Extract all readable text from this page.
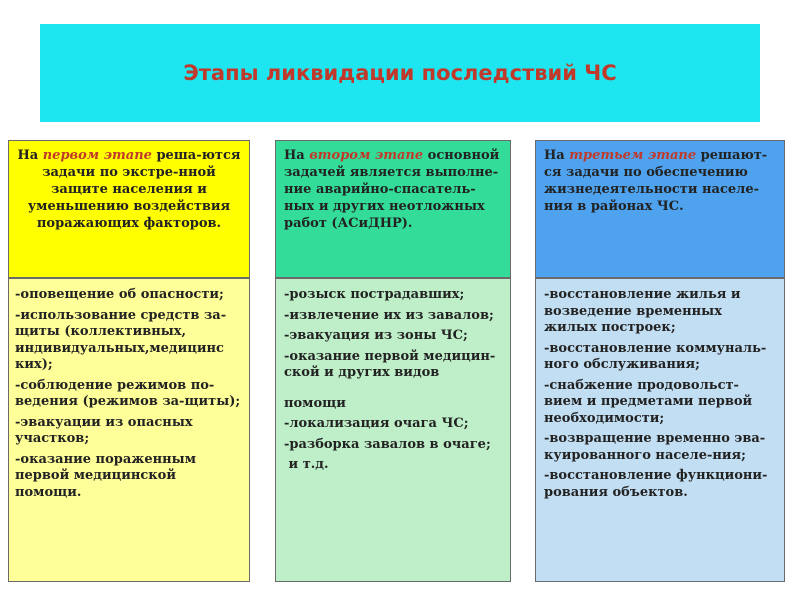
Этапы ликвидации последствий ЧС
На первом этапе реша-ются задачи по экстре-нной защите населения и уменьшению воздействия поражающих факторов.
-оповещение об опасности;
-использование средств за-щиты (коллективных, индивидуальных,медицинс ких);
-соблюдение режимов по-ведения (режимов за-щиты);
-эвакуации из опасных участков;
-оказание пораженным первой медицинской помощи.
На втором этапе основной задачей является выполне-ние аварийно-спасатель-ных и других неотложных работ (АСиДНР).
-розыск пострадавших;
-извлечение их из завалов;
-эвакуация из зоны ЧС;
-оказание первой медицин-ской и других видов
помощи
-локализация очага ЧС;
-разборка завалов в очаге;
и т.д.
На третьем этапе решают-ся задачи по обеспечению жизнедеятельности населе-ния в районах ЧС.
-восстановление жилья и возведение временных жилых построек;
-восстановление коммуналь-ного обслуживания;
-снабжение продовольст-вием и предметами первой необходимости;
-возвращение временно эва-куированного населе-ния;
-восстановление функциони-рования объектов.
